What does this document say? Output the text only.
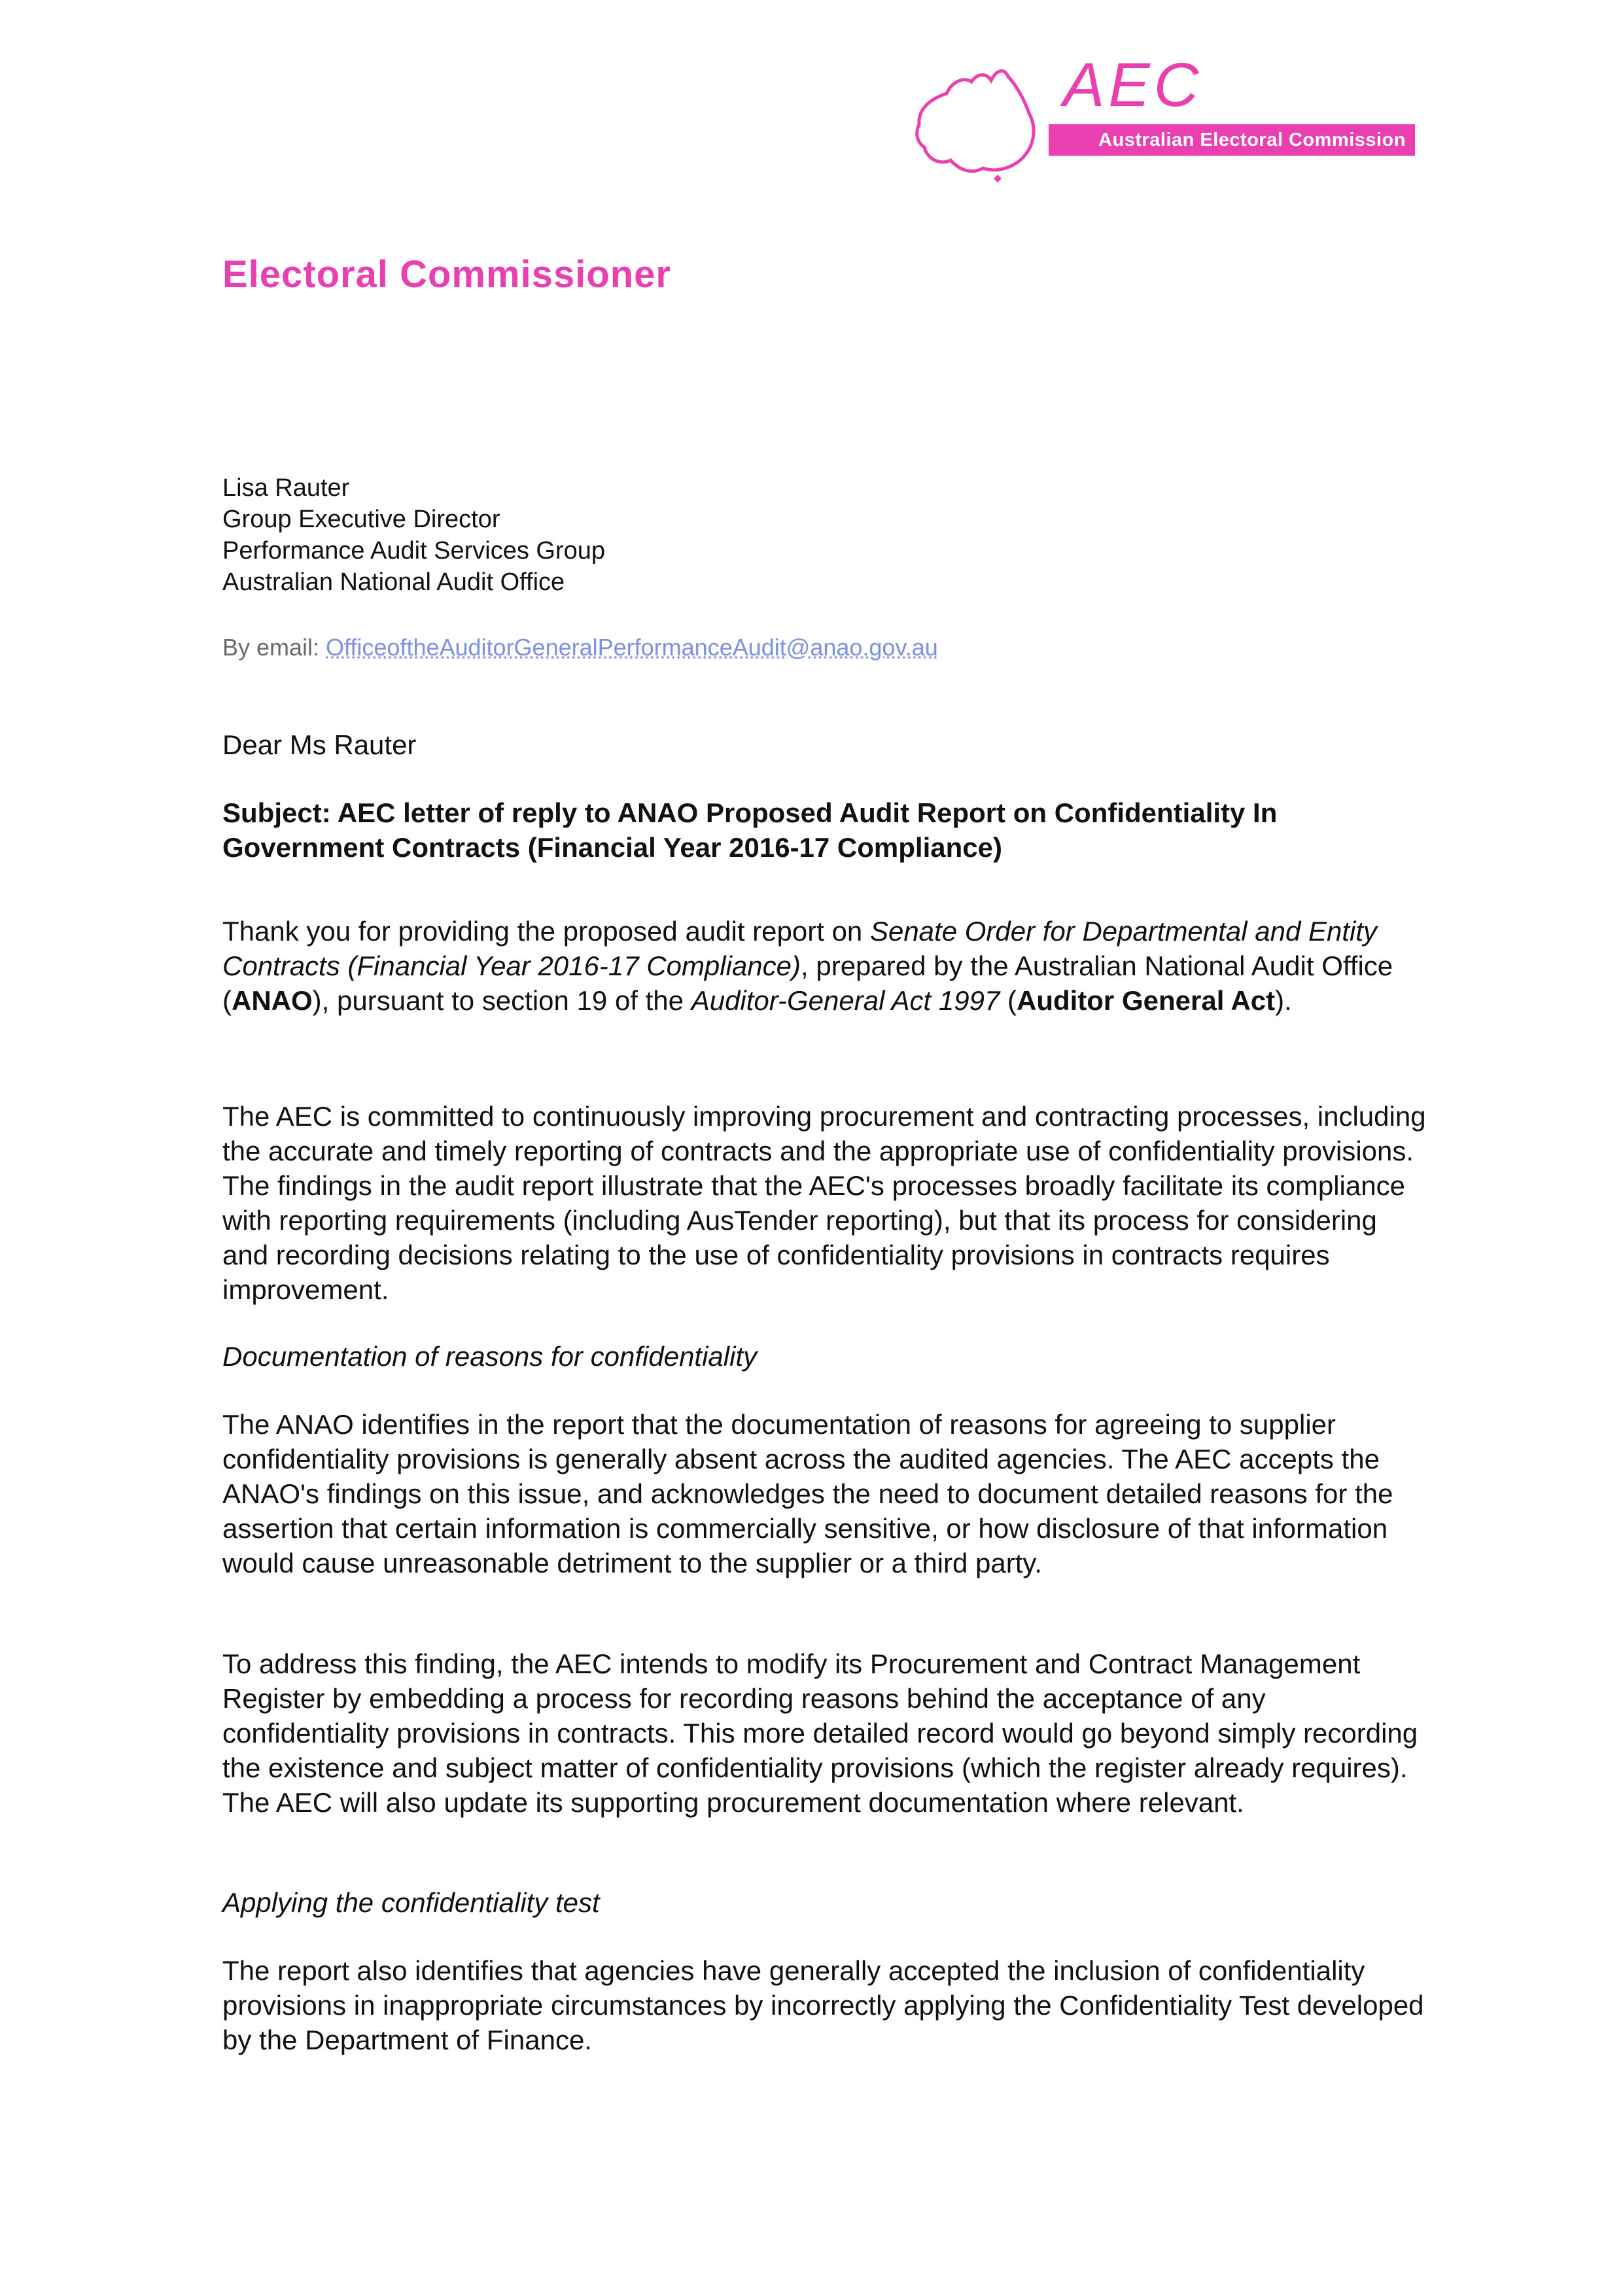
AEC
Australian Electoral Commission
Electoral Commissioner
Lisa Rauter
Group Executive Director
Performance Audit Services Group
Australian National Audit Office
By email: OfficeoftheAuditorGeneralPerformanceAudit@anao.gov.au

Dear Ms Rauter

Subject: AEC letter of reply to ANAO Proposed Audit Report on Confidentiality In Government Contracts (Financial Year 2016-17 Compliance)

Thank you for providing the proposed audit report on Senate Order for Departmental and Entity Contracts (Financial Year 2016-17 Compliance), prepared by the Australian National Audit Office (ANAO), pursuant to section 19 of the Auditor-General Act 1997 (Auditor General Act).

The AEC is committed to continuously improving procurement and contracting processes, including the accurate and timely reporting of contracts and the appropriate use of confidentiality provisions. The findings in the audit report illustrate that the AEC's processes broadly facilitate its compliance with reporting requirements (including AusTender reporting), but that its process for considering and recording decisions relating to the use of confidentiality provisions in contracts requires improvement.

Documentation of reasons for confidentiality

The ANAO identifies in the report that the documentation of reasons for agreeing to supplier confidentiality provisions is generally absent across the audited agencies. The AEC accepts the ANAO's findings on this issue, and acknowledges the need to document detailed reasons for the assertion that certain information is commercially sensitive, or how disclosure of that information would cause unreasonable detriment to the supplier or a third party.

To address this finding, the AEC intends to modify its Procurement and Contract Management Register by embedding a process for recording reasons behind the acceptance of any confidentiality provisions in contracts. This more detailed record would go beyond simply recording the existence and subject matter of confidentiality provisions (which the register already requires). The AEC will also update its supporting procurement documentation where relevant.

Applying the confidentiality test

The report also identifies that agencies have generally accepted the inclusion of confidentiality provisions in inappropriate circumstances by incorrectly applying the Confidentiality Test developed by the Department of Finance.
